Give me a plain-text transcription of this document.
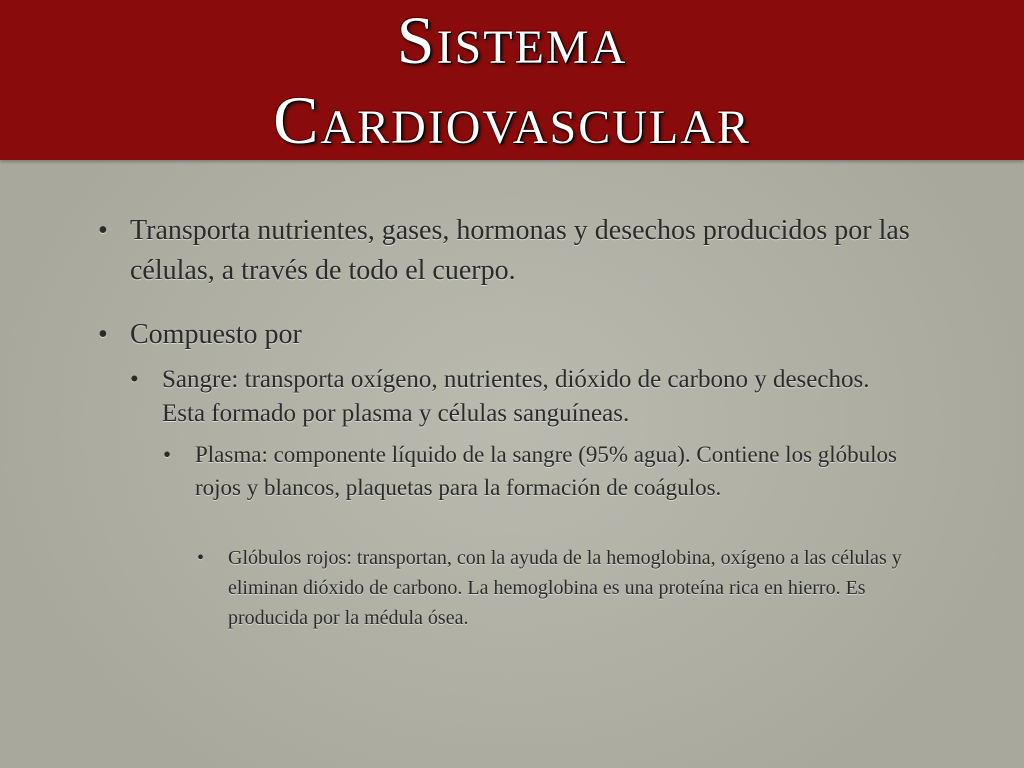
Sistema
Cardiovascular
• Transporta nutrientes, gases, hormonas y desechos producidos por las células, a través de todo el cuerpo.
• Compuesto por
• Sangre: transporta oxígeno, nutrientes, dióxido de carbono y desechos. Esta formado por plasma y células sanguíneas.
• Plasma: componente líquido de la sangre (95% agua). Contiene los glóbulos rojos y blancos, plaquetas para la formación de coágulos.
• Glóbulos rojos: transportan, con la ayuda de la hemoglobina, oxígeno a las células y eliminan dióxido de carbono. La hemoglobina es una proteína rica en hierro. Es producida por la médula ósea.
